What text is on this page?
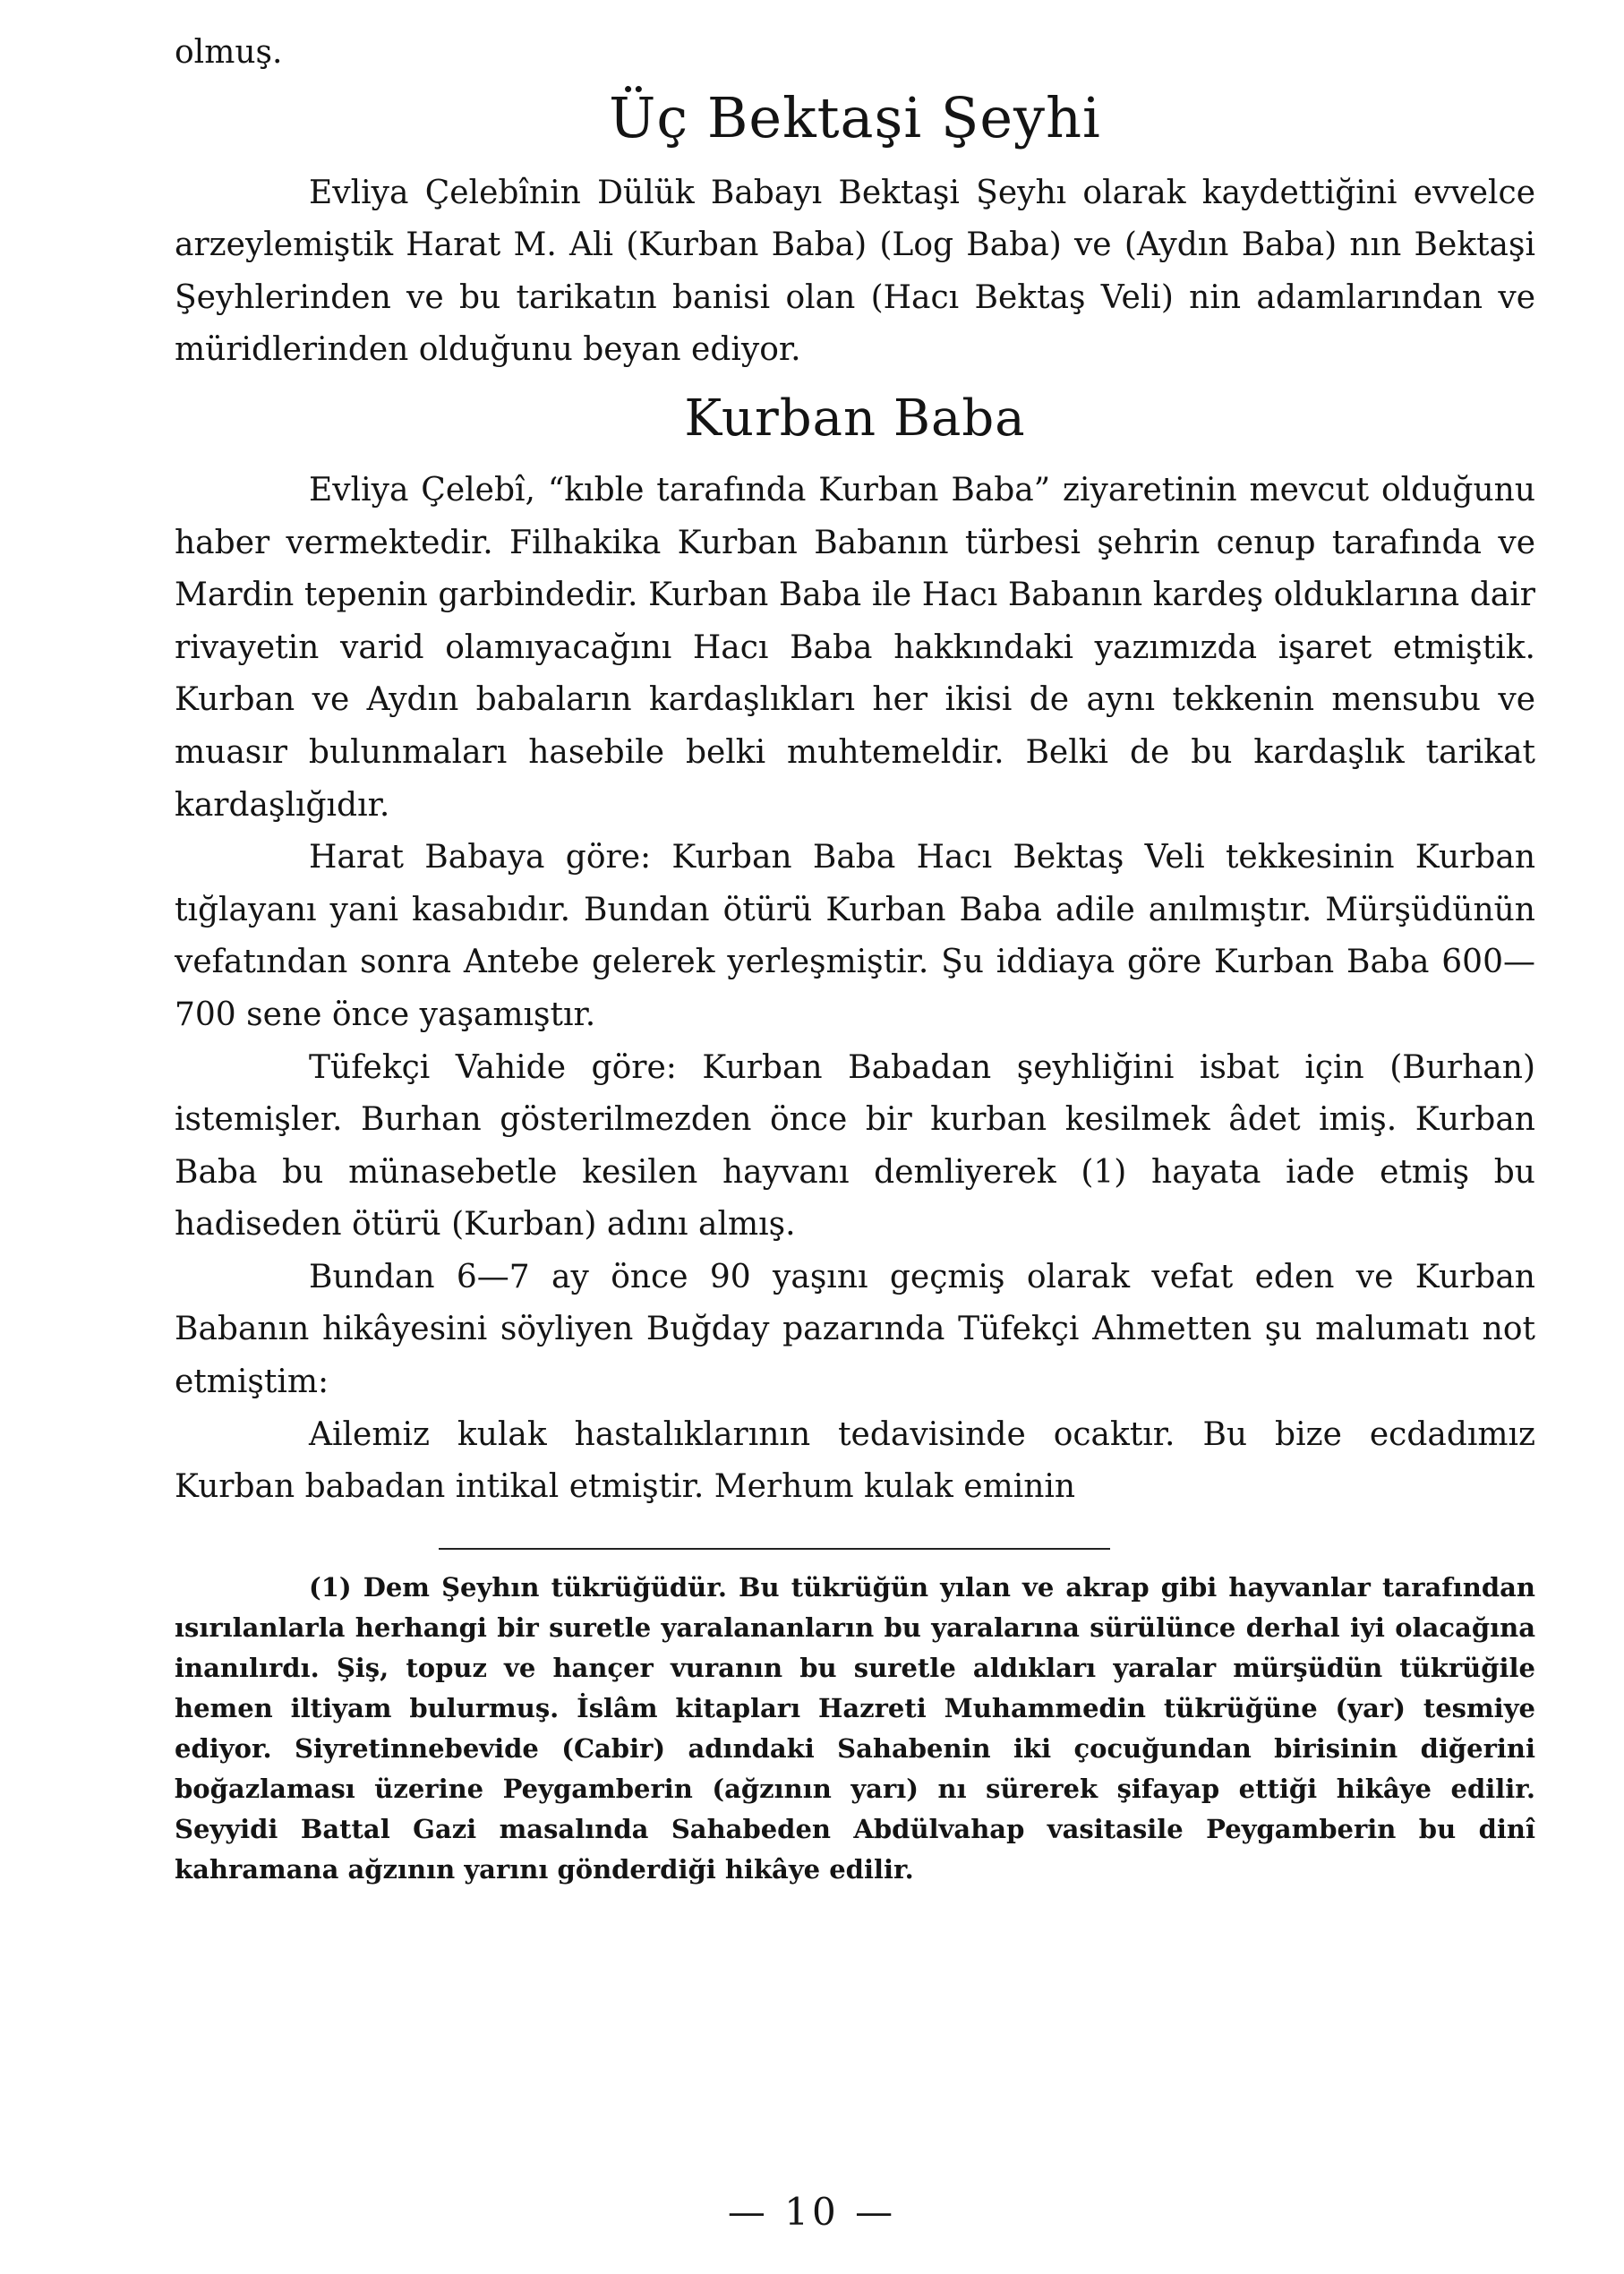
olmuş.

Üç Bektaşi Şeyhi

Evliya Çelebînin Dülük Babayı Bektaşi Şeyhı olarak kaydettiğini evvelce arzeylemiştik Harat M. Ali (Kurban Baba) (Log Baba) ve (Aydın Baba) nın Bektaşi Şeyhlerinden ve bu tarikatın banisi olan (Hacı Bektaş Veli) nin adamlarından ve müridlerinden olduğunu beyan ediyor.

Kurban Baba

Evliya Çelebî, “kıble tarafında Kurban Baba” ziyaretinin mevcut olduğunu haber vermektedir. Filhakika Kurban Babanın türbesi şehrin cenup tarafında ve Mardin tepenin garbindedir. Kurban Baba ile Hacı Babanın kardeş olduklarına dair rivayetin varid olamıyacağını Hacı Baba hakkındaki yazımızda işaret etmiştik. Kurban ve Aydın babaların kardaşlıkları her ikisi de aynı tekkenin mensubu ve muasır bulunmaları hasebile belki muhtemeldir. Belki de bu kardaşlık tarikat kardaşlığıdır.

Harat Babaya göre: Kurban Baba Hacı Bektaş Veli tekkesinin Kurban tığlayanı yani kasabıdır. Bundan ötürü Kurban Baba adile anılmıştır. Mürşüdünün vefatından sonra Antebe gelerek yerleşmiştir. Şu iddiaya göre Kurban Baba 600—700 sene önce yaşamıştır.

Tüfekçi Vahide göre: Kurban Babadan şeyhliğini isbat için (Burhan) istemişler. Burhan gösterilmezden önce bir kurban kesilmek âdet imiş. Kurban Baba bu münasebetle kesilen hayvanı demliyerek (1) hayata iade etmiş bu hadiseden ötürü (Kurban) adını almış.

Bundan 6—7 ay önce 90 yaşını geçmiş olarak vefat eden ve Kurban Babanın hikâyesini söyliyen Buğday pazarında Tüfekçi Ahmetten şu malumatı not etmiştim:

Ailemiz kulak hastalıklarının tedavisinde ocaktır. Bu bize ecdadımız Kurban babadan intikal etmiştir. Merhum kulak eminin

(1) Dem Şeyhın tükrüğüdür. Bu tükrüğün yılan ve akrap gibi hayvanlar tarafından ısırılanlarla herhangi bir suretle yaralananların bu yaralarına sürülünce derhal iyi olacağına inanılırdı. Şiş, topuz ve hançer vuranın bu suretle aldıkları yaralar mürşüdün tükrüğile hemen iltiyam bulurmuş. İslâm kitapları Hazreti Muhammedin tükrüğüne (yar) tesmiye ediyor. Siyretinnebevide (Cabir) adındaki Sahabenin iki çocuğundan birisinin diğerini boğazlaması üzerine Peygamberin (ağzının yarı) nı sürerek şifayap ettiği hikâye edilir. Seyyidi Battal Gazi masalında Sahabeden Abdülvahap vasitasile Peygamberin bu dinî kahramana ağzının yarını gönderdiği hikâye edilir.

— 10 —
